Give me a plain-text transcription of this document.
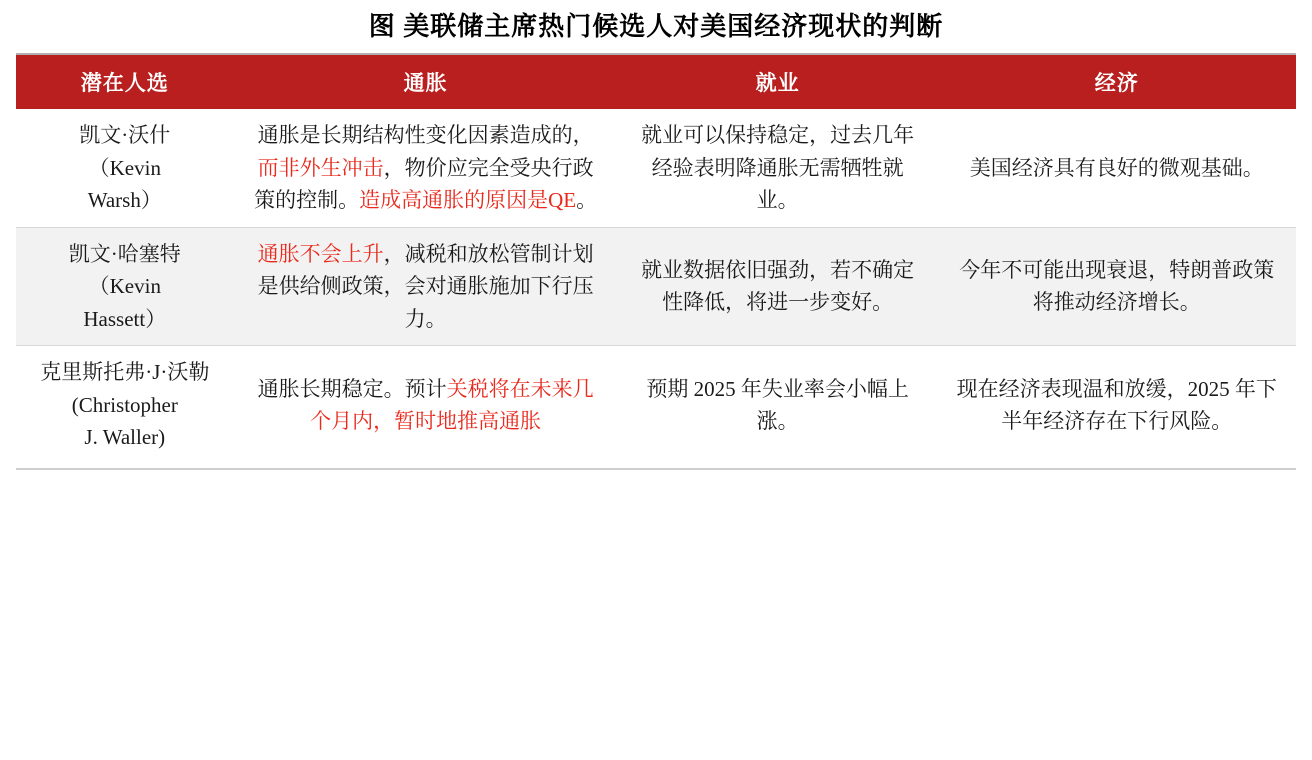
图 美联储主席热门候选人对美国经济现状的判断
潜在人选	通胀	就业	经济
凯文·沃什
（Kevin
Warsh）	通胀是长期结构性变化因素造成的，而非外生冲击，物价应完全受央行政策的控制。造成高通胀的原因是QE。	就业可以保持稳定，过去几年经验表明降通胀无需牺牲就业。	美国经济具有良好的微观基础。
凯文·哈塞特
（Kevin
Hassett）	通胀不会上升，减税和放松管制计划是供给侧政策，会对通胀施加下行压力。	就业数据依旧强劲，若不确定性降低，将进一步变好。	今年不可能出现衰退，特朗普政策将推动经济增长。
克里斯托弗·J·沃勒
(Christopher
J. Waller)	通胀长期稳定。预计关税将在未来几个月内，暂时地推高通胀	预期 2025 年失业率会小幅上涨。	现在经济表现温和放缓，2025 年下半年经济存在下行风险。
